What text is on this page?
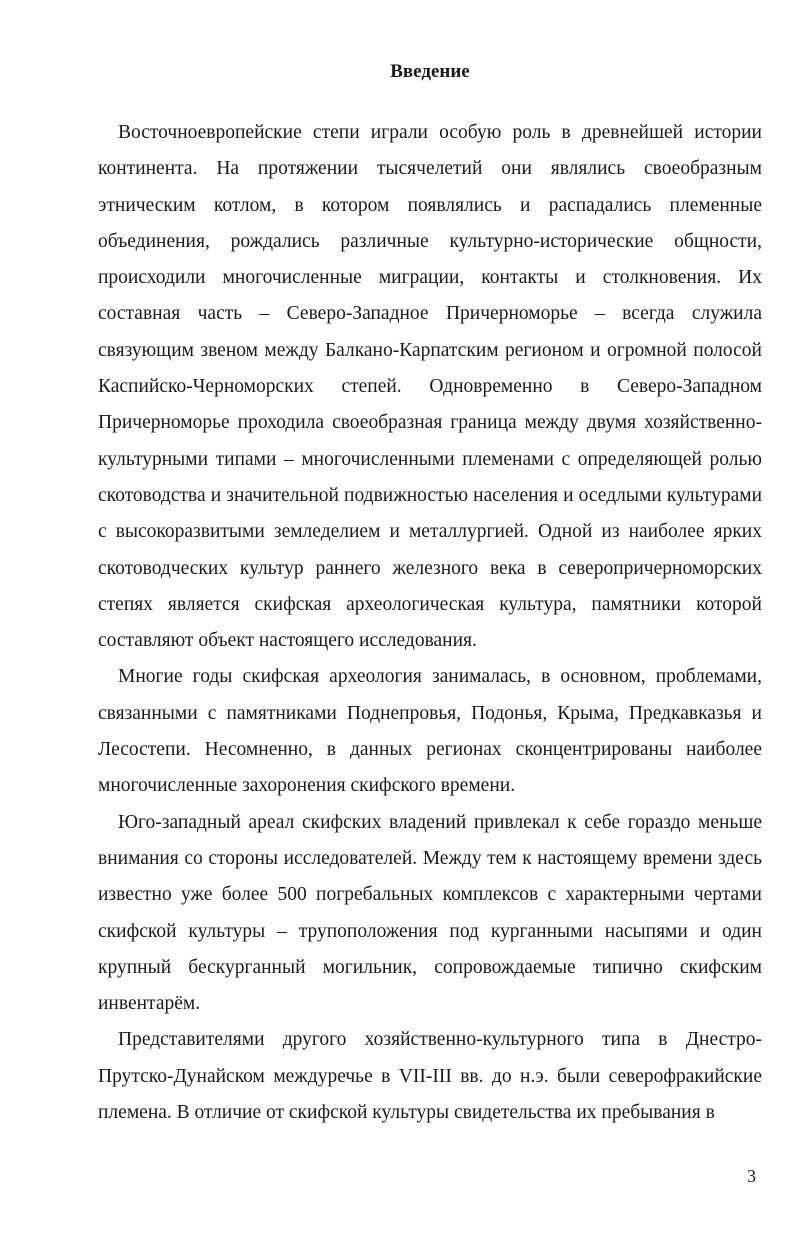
Введение

Восточноевропейские степи играли особую роль в древнейшей истории континента. На протяжении тысячелетий они являлись своеобразным этническим котлом, в котором появлялись и распадались племенные объединения, рождались различные культурно-исторические общности, происходили многочисленные миграции, контакты и столкновения. Их составная часть – Северо-Западное Причерноморье – всегда служила связующим звеном между Балкано-Карпатским регионом и огромной полосой Каспийско-Черноморских степей. Одновременно в Северо-Западном Причерноморье проходила своеобразная граница между двумя хозяйственно-культурными типами – многочисленными племенами с определяющей ролью скотоводства и значительной подвижностью населения и оседлыми культурами с высокоразвитыми земледелием и металлургией. Одной из наиболее ярких скотоводческих культур раннего железного века в северопричерноморских степях является скифская археологическая культура, памятники которой составляют объект настоящего исследования.

Многие годы скифская археология занималась, в основном, проблемами, связанными с памятниками Поднепровья, Подонья, Крыма, Предкавказья и Лесостепи. Несомненно, в данных регионах сконцентрированы наиболее многочисленные захоронения скифского времени.

Юго-западный ареал скифских владений привлекал к себе гораздо меньше внимания со стороны исследователей. Между тем к настоящему времени здесь известно уже более 500 погребальных комплексов с характерными чертами скифской культуры – трупоположения под курганными насыпями и один крупный бескурганный могильник, сопровождаемые типично скифским инвентарём.

Представителями другого хозяйственно-культурного типа в Днестро-Прутско-Дунайском междуречье в VII-III вв. до н.э. были северофракийские племена. В отличие от скифской культуры свидетельства их пребывания в

3
